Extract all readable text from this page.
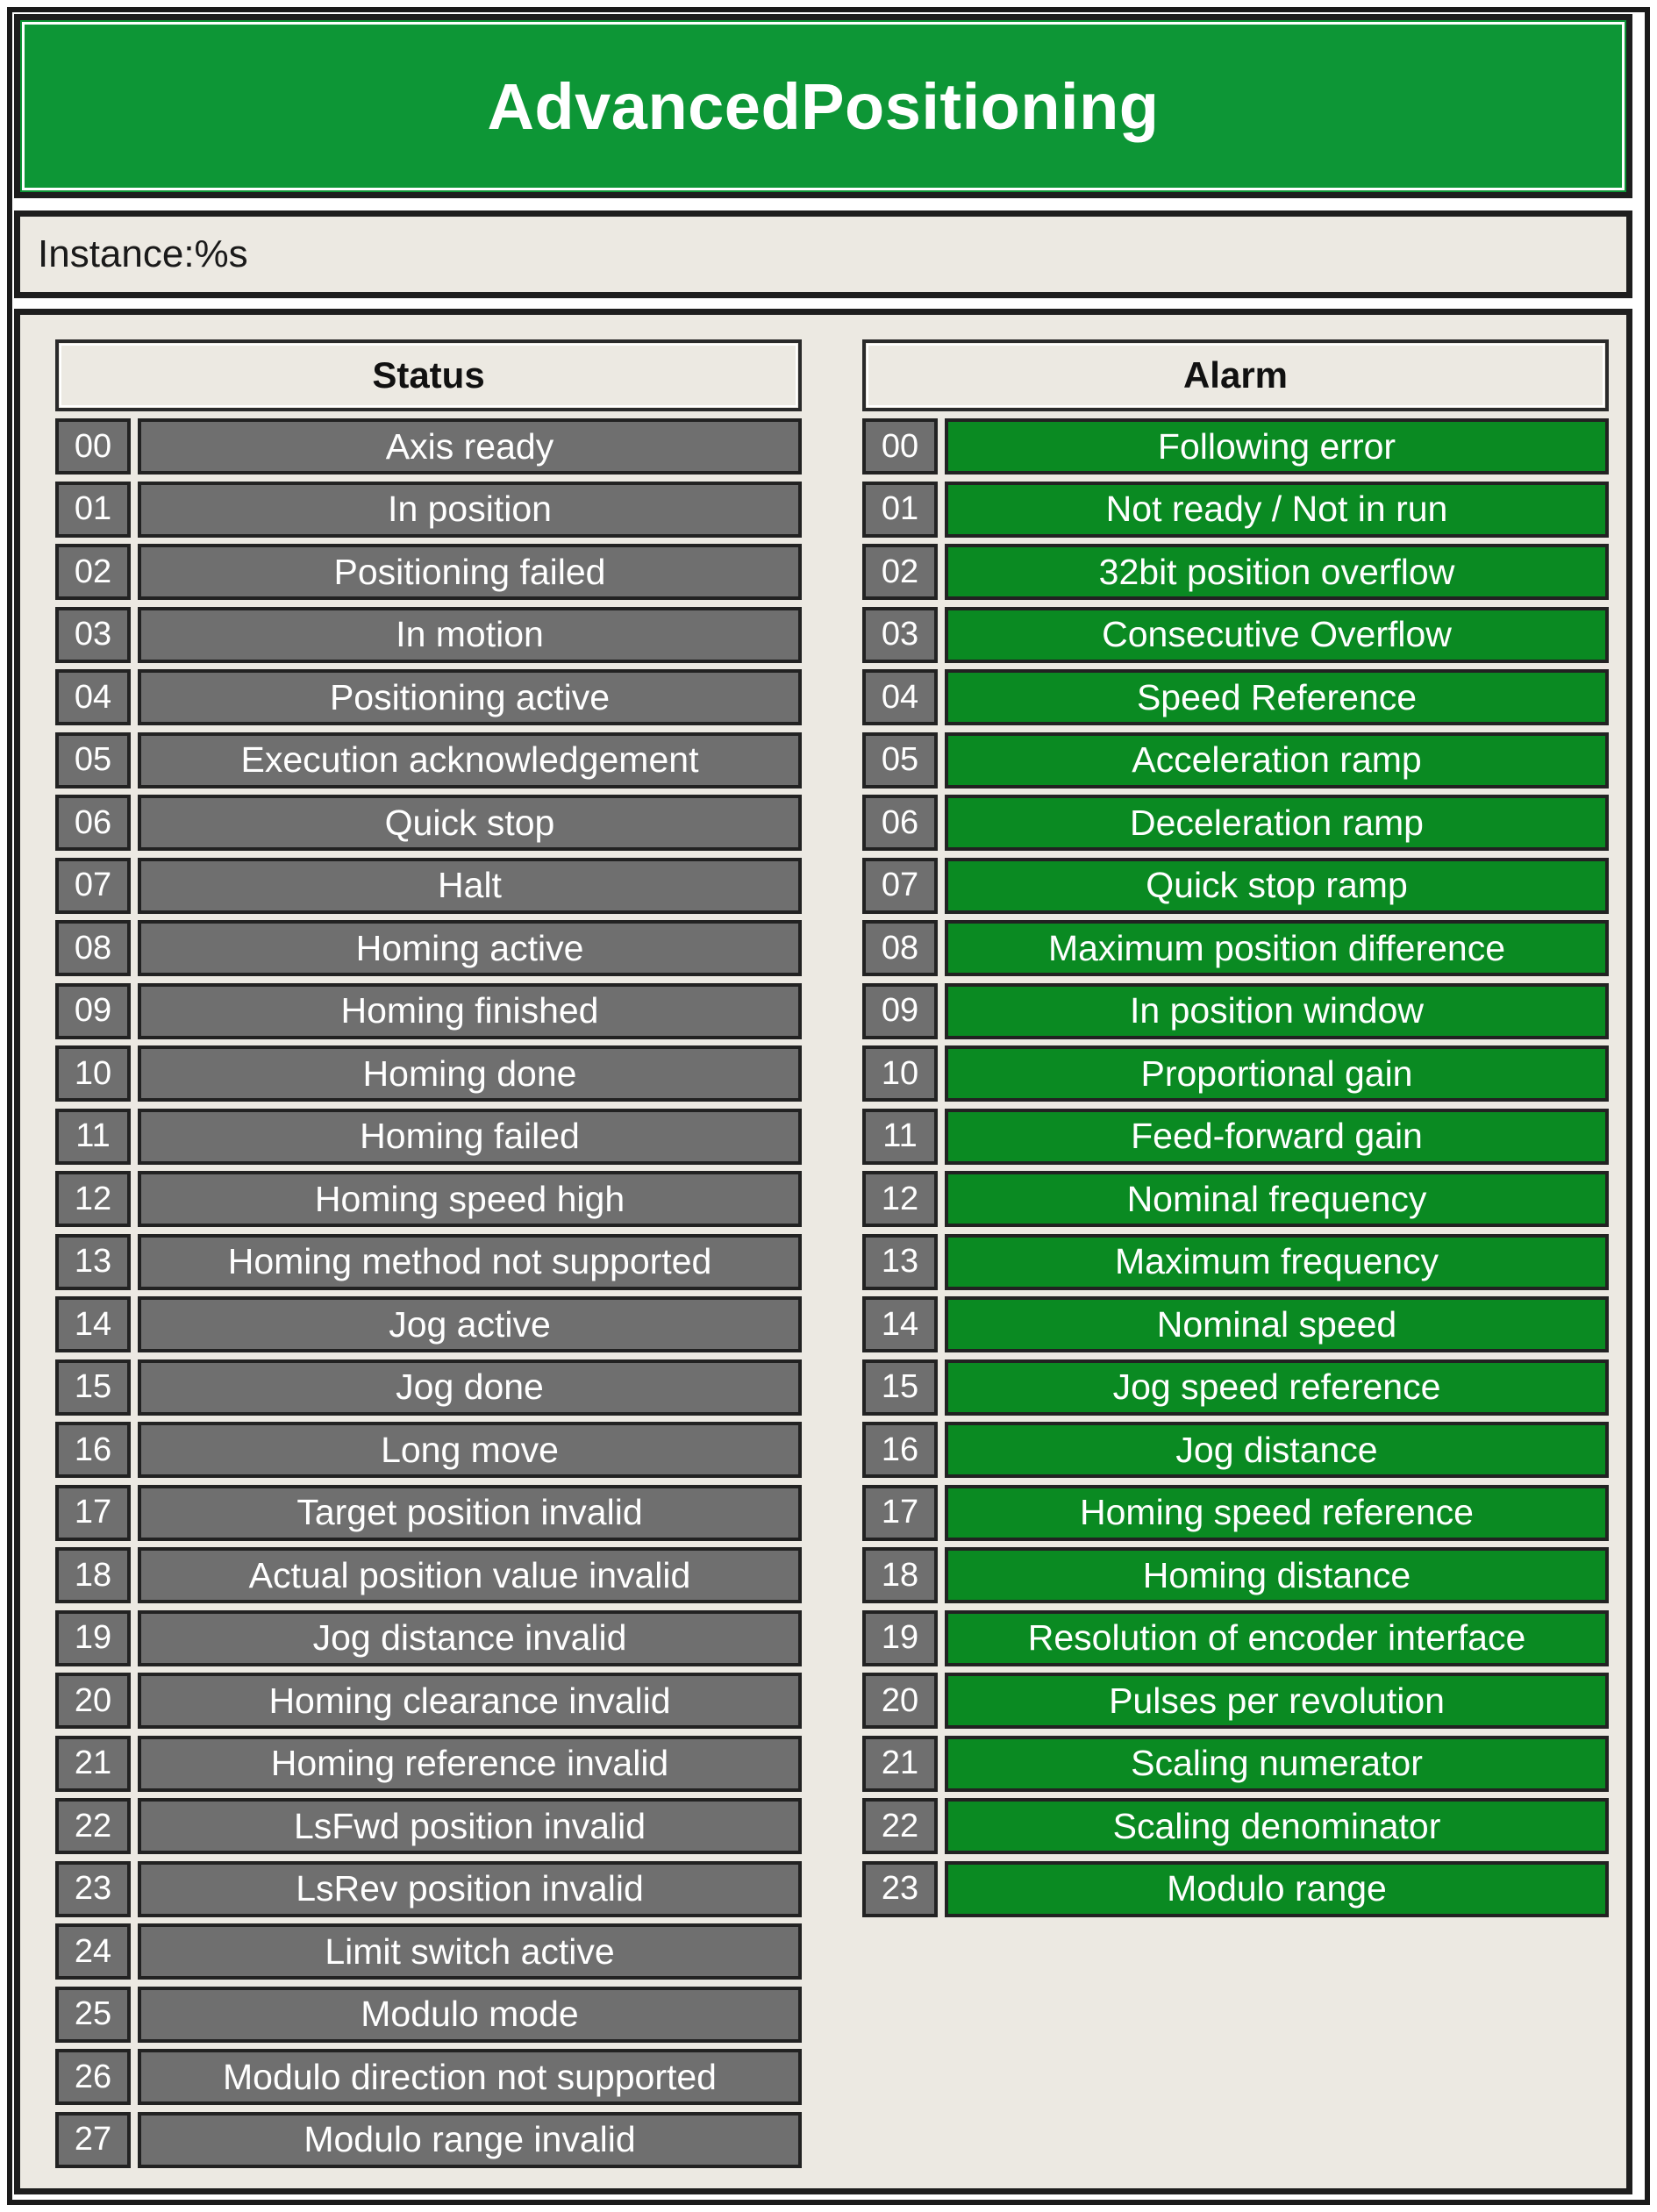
AdvancedPositioning
Instance:%s
Status
00	Axis ready
01	In position
02	Positioning failed
03	In motion
04	Positioning active
05	Execution acknowledgement
06	Quick stop
07	Halt
08	Homing active
09	Homing finished
10	Homing done
11	Homing failed
12	Homing speed high
13	Homing method not supported
14	Jog active
15	Jog done
16	Long move
17	Target position invalid
18	Actual position value invalid
19	Jog distance invalid
20	Homing clearance invalid
21	Homing reference invalid
22	LsFwd position invalid
23	LsRev position invalid
24	Limit switch active
25	Modulo mode
26	Modulo direction not supported
27	Modulo range invalid
Alarm
00	Following error
01	Not ready / Not in run
02	32bit position overflow
03	Consecutive Overflow
04	Speed Reference
05	Acceleration ramp
06	Deceleration ramp
07	Quick stop ramp
08	Maximum position difference
09	In position window
10	Proportional gain
11	Feed-forward gain
12	Nominal frequency
13	Maximum frequency
14	Nominal speed
15	Jog speed reference
16	Jog distance
17	Homing speed reference
18	Homing distance
19	Resolution of encoder interface
20	Pulses per revolution
21	Scaling numerator
22	Scaling denominator
23	Modulo range
